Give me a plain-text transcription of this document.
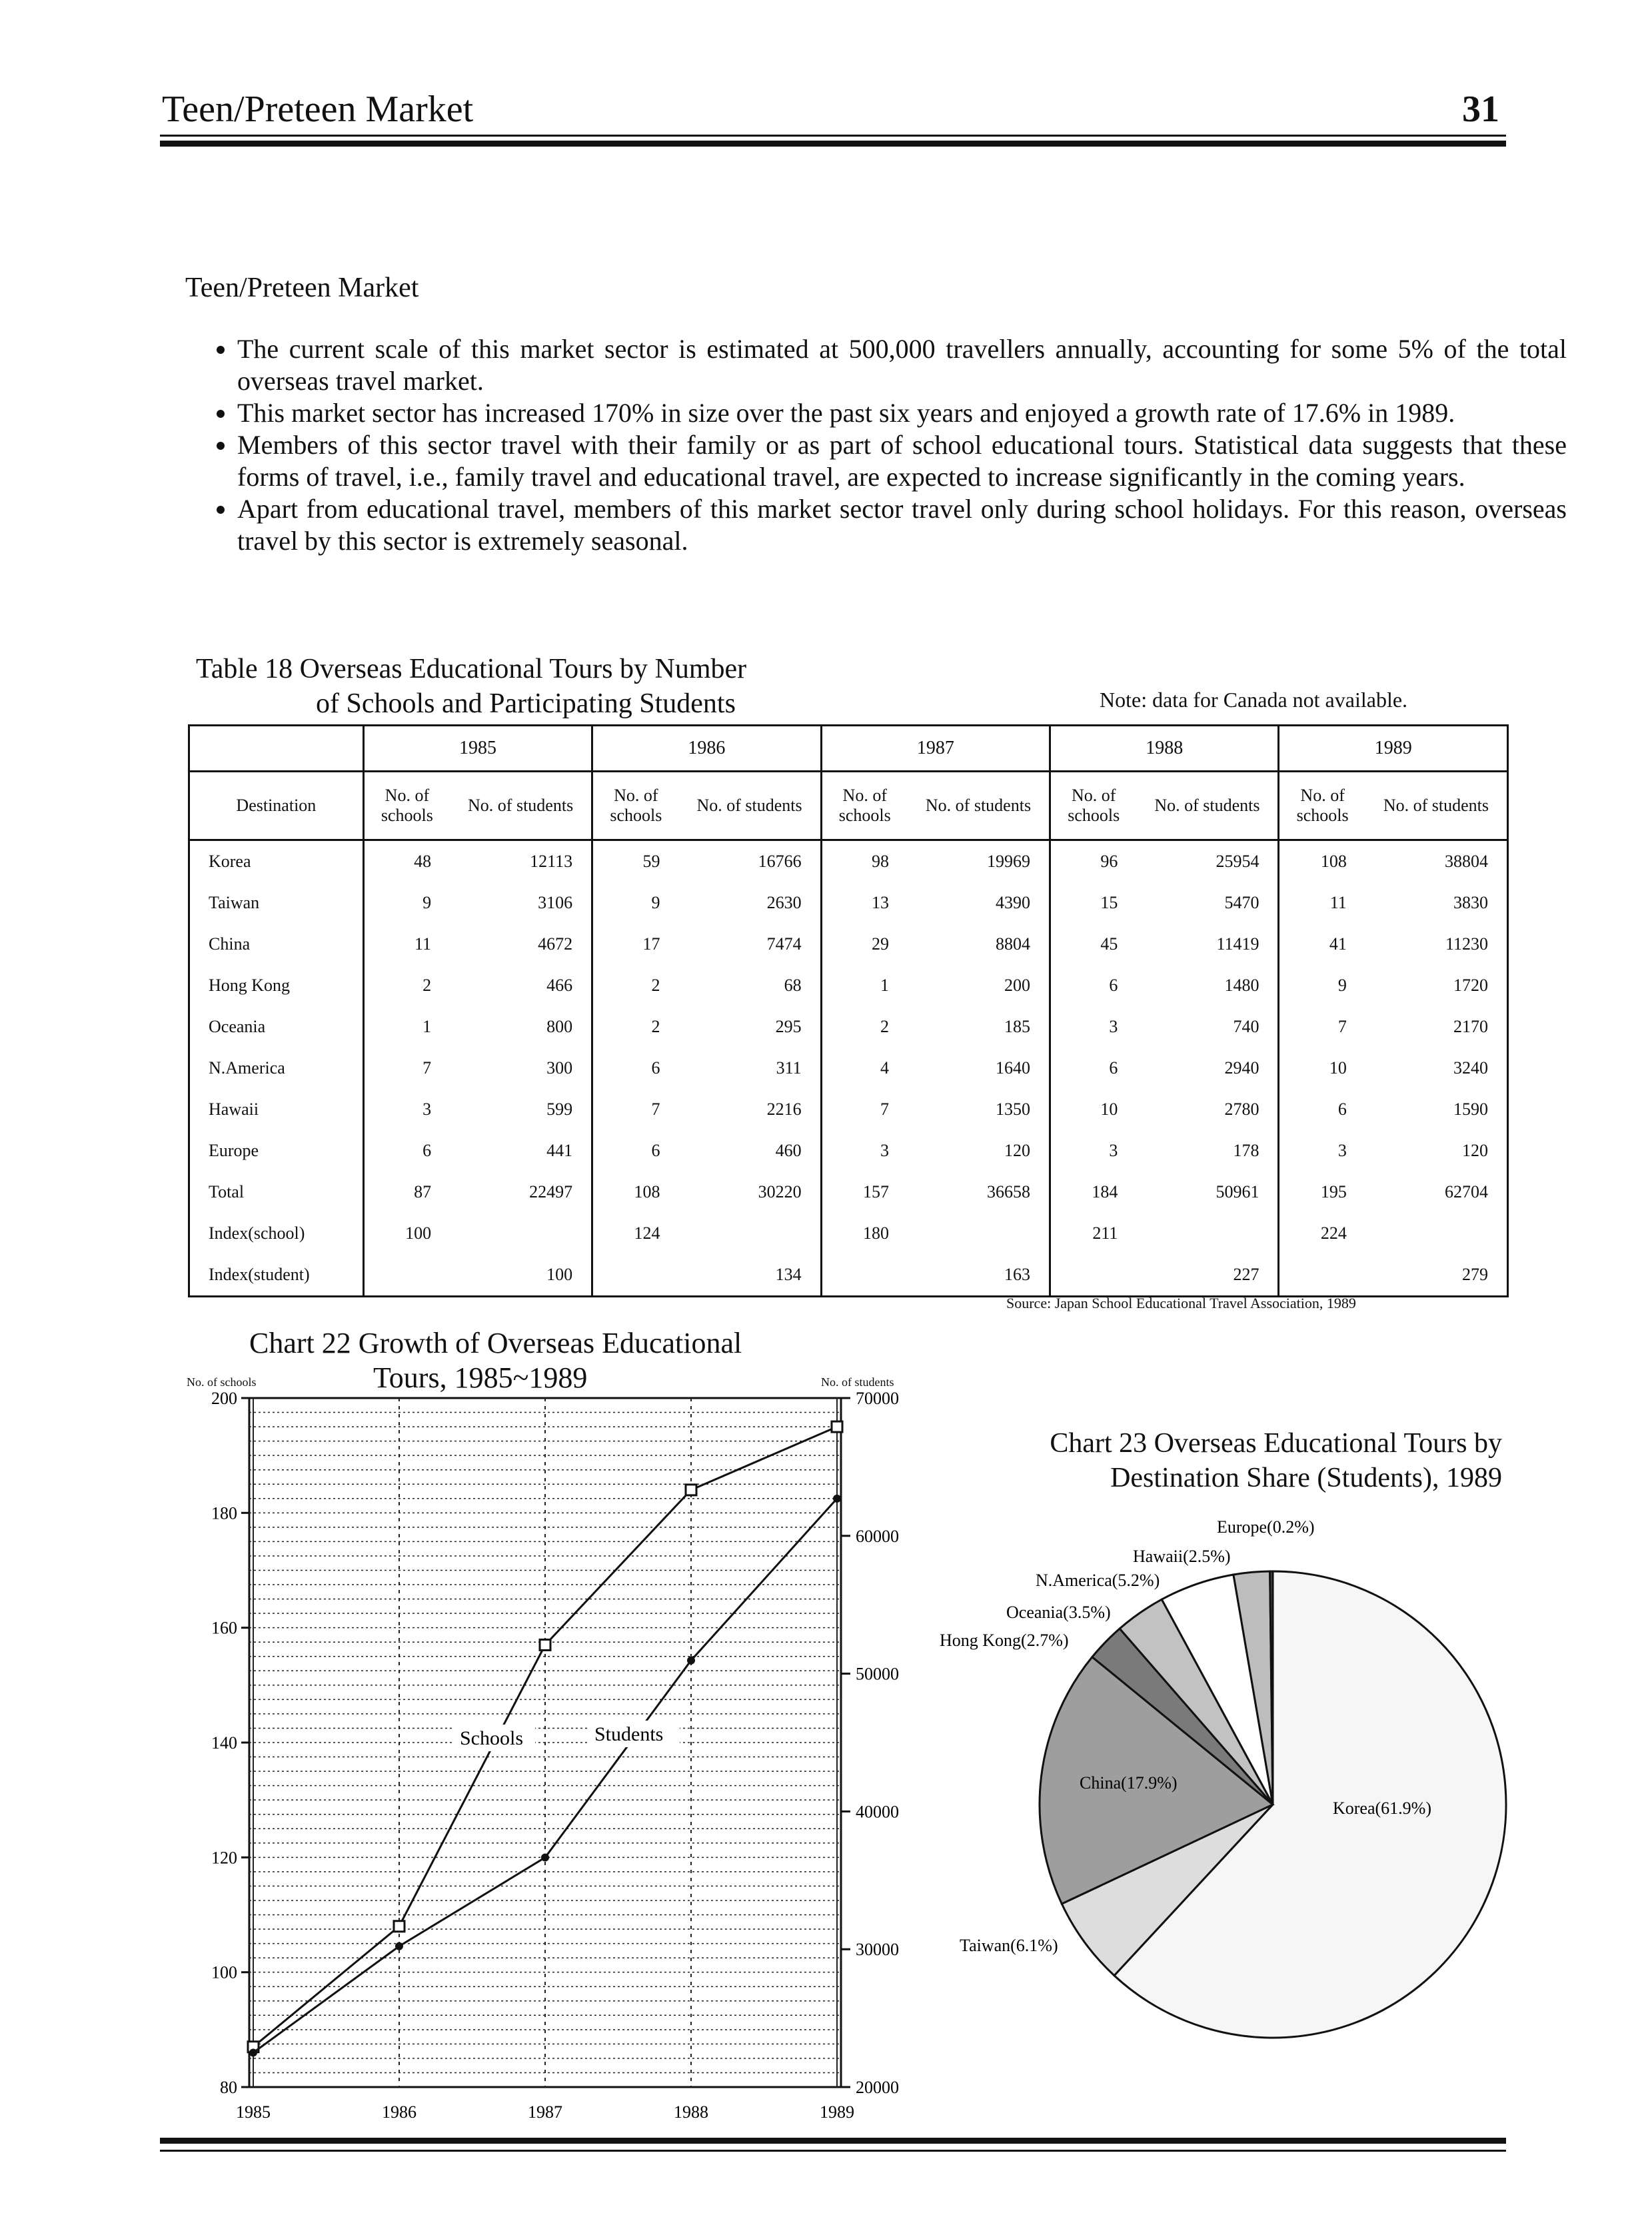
Teen/Preteen Market	31
Teen/Preteen Market
• The current scale of this market sector is estimated at 500,000 travellers annually, accounting for some 5% of the total overseas travel market.
• This market sector has increased 170% in size over the past six years and enjoyed a growth rate of 17.6% in 1989.
• Members of this sector travel with their family or as part of school educational tours. Statistical data suggests that these forms of travel, i.e., family travel and educational travel, are expected to increase significantly in the coming years.
• Apart from educational travel, members of this market sector travel only during school holidays. For this reason, overseas travel by this sector is extremely seasonal.
Table 18 Overseas Educational Tours by Number
of Schools and Participating Students	Note: data for Canada not available.
	1985		1986		1987		1988		1989	
Destination	No. of schools	No. of students	No. of schools	No. of students	No. of schools	No. of students	No. of schools	No. of students	No. of schools	No. of students
Korea	48	12113	59	16766	98	19969	96	25954	108	38804
Taiwan	9	3106	9	2630	13	4390	15	5470	11	3830
China	11	4672	17	7474	29	8804	45	11419	41	11230
Hong Kong	2	466	2	68	1	200	6	1480	9	1720
Oceania	1	800	2	295	2	185	3	740	7	2170
N.America	7	300	6	311	4	1640	6	2940	10	3240
Hawaii	3	599	7	2216	7	1350	10	2780	6	1590
Europe	6	441	6	460	3	120	3	178	3	120
Total	87	22497	108	30220	157	36658	184	50961	195	62704
Index(school)	100		124		180		211		224	
Index(student)		100		134		163		227		279
Source: Japan School Educational Travel Association, 1989
Chart 22 Growth of Overseas Educational
Tours, 1985~1989
No. of schools	No. of students
Chart 23 Overseas Educational Tours by
Destination Share (Students), 1989
1985	1986	1987	1988	1989
80
100
120
140
160
180
200
20000
30000
40000
50000
60000
70000
Schools	Students
Korea(61.9%)
Taiwan(6.1%)
China(17.9%)
Hong Kong(2.7%)
Oceania(3.5%)
N.America(5.2%)
Hawaii(2.5%)
Europe(0.2%)
